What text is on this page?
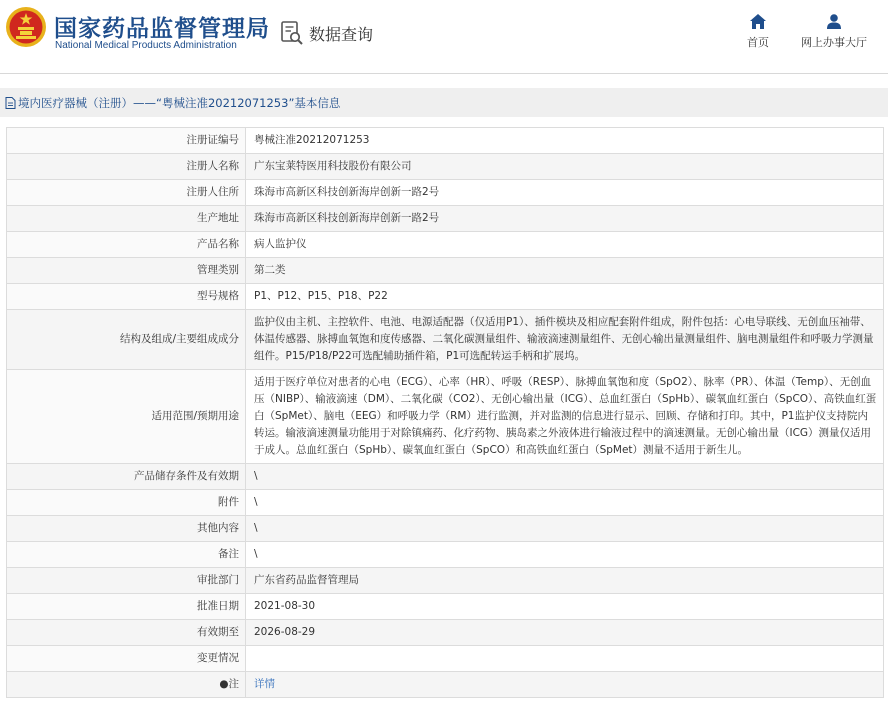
国家药品监督管理局
National Medical Products Administration
数据查询	首页	网上办事大厅
境内医疗器械（注册）——“粤械注准20212071253”基本信息
注册证编号	粤械注准20212071253
注册人名称	广东宝莱特医用科技股份有限公司
注册人住所	珠海市高新区科技创新海岸创新一路2号
生产地址	珠海市高新区科技创新海岸创新一路2号
产品名称	病人监护仪
管理类别	第二类
型号规格	P1、P12、P15、P18、P22
结构及组成/主要组成成分	监护仪由主机、主控软件、电池、电源适配器（仅适用P1）、插件模块及相应配套附件组成，附件包括：心电导联线、无创血压袖带、体温传感器、脉搏血氧饱和度传感器、二氧化碳测量组件、输液滴速测量组件、无创心输出量测量组件、脑电测量组件和呼吸力学测量组件。P15/P18/P22可选配辅助插件箱，P1可选配转运手柄和扩展坞。
适用范围/预期用途	适用于医疗单位对患者的心电（ECG）、心率（HR）、呼吸（RESP）、脉搏血氧饱和度（SpO2）、脉率（PR）、体温（Temp）、无创血压（NIBP）、输液滴速（DM）、二氧化碳（CO2）、无创心输出量（ICG）、总血红蛋白（SpHb）、碳氧血红蛋白（SpCO）、高铁血红蛋白（SpMet）、脑电（EEG）和呼吸力学（RM）进行监测，并对监测的信息进行显示、回顾、存储和打印。其中，P1监护仪支持院内转运。输液滴速测量功能用于对除镇痛药、化疗药物、胰岛素之外液体进行输液过程中的滴速测量。无创心输出量（ICG）测量仅适用于成人。总血红蛋白（SpHb）、碳氧血红蛋白（SpCO）和高铁血红蛋白（SpMet）测量不适用于新生儿。
产品储存条件及有效期	\
附件	\
其他内容	\
备注	\
审批部门	广东省药品监督管理局
批准日期	2021-08-30
有效期至	2026-08-29
变更情况	
●注	详情
